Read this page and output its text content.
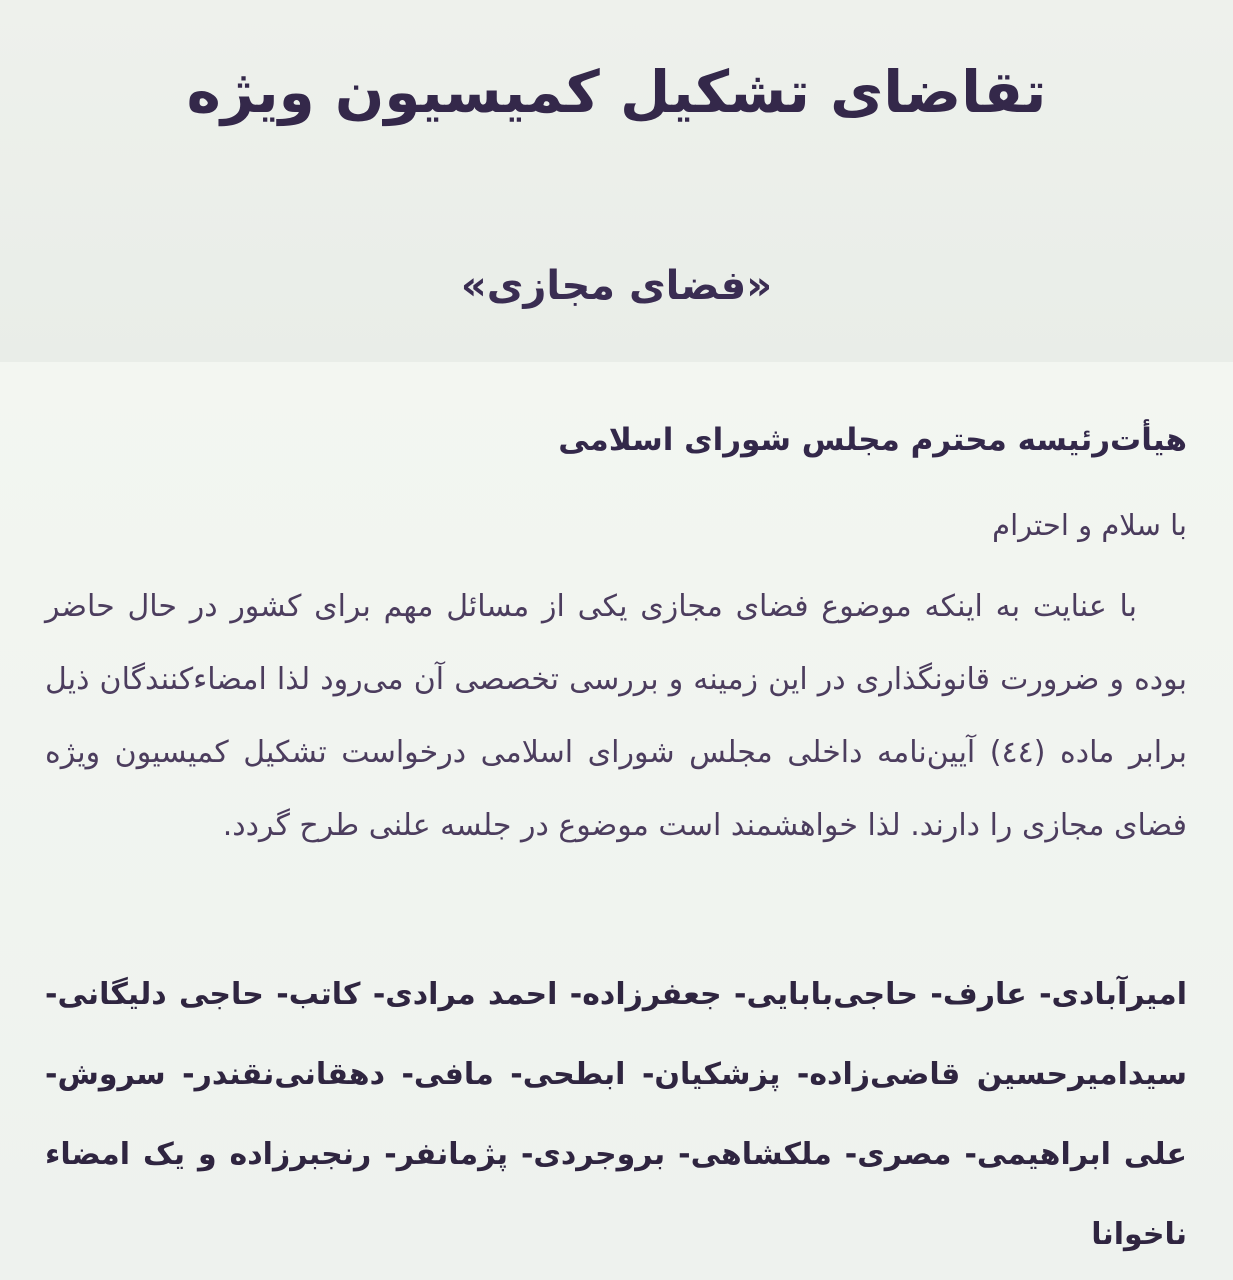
تقاضای تشکیل کمیسیون ویژه
«فضای مجازی»
هیأت‌رئیسه محترم مجلس شورای اسلامی
با سلام و احترام
با عنایت به اینکه موضوع فضای مجازی یکی از مسائل مهم برای کشور در حال حاضر بوده و ضرورت قانونگذاری در این زمینه و بررسی تخصصی آن می‌رود لذا امضاءکنندگان ذیل برابر ماده (٤٤) آیین‌نامه داخلی مجلس شورای اسلامی درخواست تشکیل کمیسیون ویژه فضای مجازی را دارند. لذا خواهشمند است موضوع در جلسه علنی طرح گردد.
امیرآبادی- عارف- حاجی‌بابایی- جعفرزاده- احمد مرادی- کاتب- حاجی دلیگانی- سیدامیرحسین قاضی‌زاده- پزشکیان- ابطحی- مافی- دهقانی‌نقندر- سروش- علی ابراهیمی- مصری- ملکشاهی- بروجردی- پژمانفر- رنجبرزاده و یک امضاء ناخوانا
